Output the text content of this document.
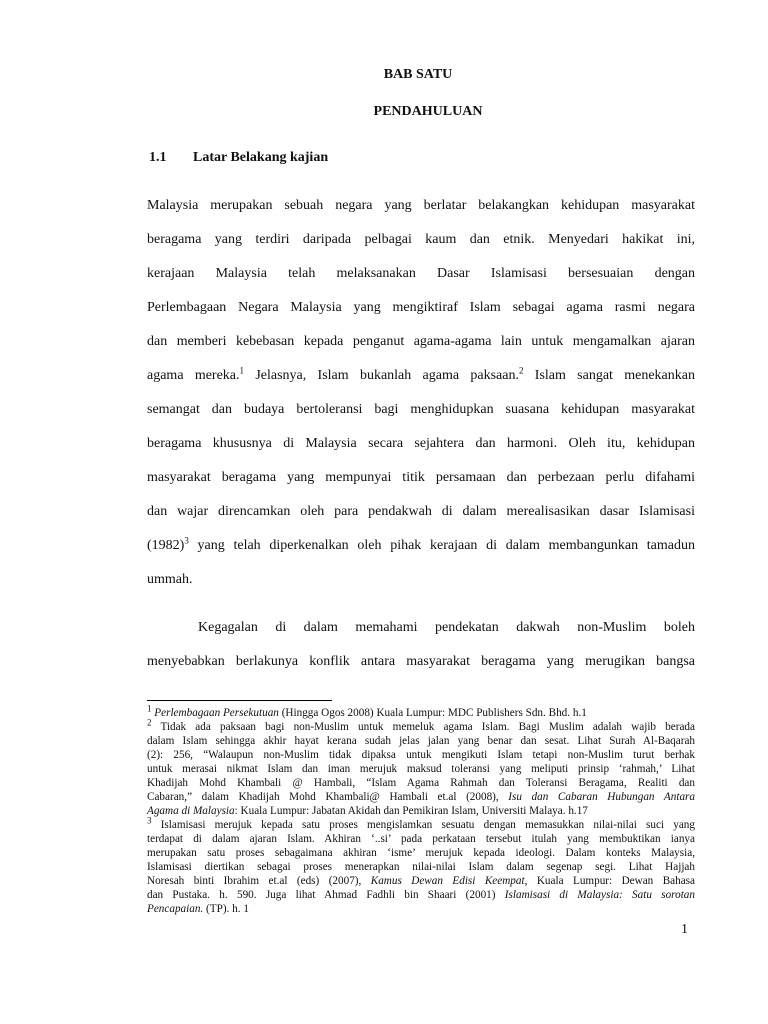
BAB SATU
PENDAHULUAN
1.1 Latar Belakang kajian
Malaysia merupakan sebuah negara yang berlatar belakangkan kehidupan masyarakat
beragama yang terdiri daripada pelbagai kaum dan etnik. Menyedari hakikat ini,
kerajaan Malaysia telah melaksanakan Dasar Islamisasi bersesuaian dengan
Perlembagaan Negara Malaysia yang mengiktiraf Islam sebagai agama rasmi negara
dan memberi kebebasan kepada penganut agama-agama lain untuk mengamalkan ajaran
agama mereka.$^1$ Jelasnya, Islam bukanlah agama paksaan.$^2$ Islam sangat menekankan
semangat dan budaya bertoleransi bagi menghidupkan suasana kehidupan masyarakat
beragama khususnya di Malaysia secara sejahtera dan harmoni. Oleh itu, kehidupan
masyarakat beragama yang mempunyai titik persamaan dan perbezaan perlu difahami
dan wajar direncamkan oleh para pendakwah di dalam merealisasikan dasar Islamisasi
$(1982)^3$ yang telah diperkenalkan oleh pihak kerajaan di dalam membangunkan tamadun
ummah.
Kegagalan di dalam memahami pendekatan dakwah non-Muslim boleh
menyebabkan berlakunya konflik antara masyarakat beragama yang merugikan bangsa
$^1$ Perlembagaan Persekutuan (Hingga Ogos 2008) Kuala Lumpur: MDC Publishers Sdn. Bhd. h.1
$^2$ Tidak ada paksaan bagi non-Muslim untuk memeluk agama Islam. Bagi Muslim adalah wajib berada
dalam Islam sehingga akhir hayat kerana sudah jelas jalan yang benar dan sesat. Lihat Surah Al-Baqarah
(2): 256, “Walaupun non-Muslim tidak dipaksa untuk mengikuti Islam tetapi non-Muslim turut berhak
untuk merasai nikmat Islam dan iman merujuk maksud toleransi yang meliputi prinsip ‘rahmah,’ Lihat
Khadijah Mohd Khambali @ Hambali, “Islam Agama Rahmah dan Toleransi Beragama, Realiti dan
Cabaran,” dalam Khadijah Mohd Khambali@ Hambali et.al (2008), Isu dan Cabaran Hubungan Antara
Agama di Malaysia: Kuala Lumpur: Jabatan Akidah dan Pemikiran Islam, Universiti Malaya. h.17
$^3$ Islamisasi merujuk kepada satu proses mengislamkan sesuatu dengan memasukkan nilai-nilai suci yang
terdapat di dalam ajaran Islam. Akhiran ‘..si’ pada perkataan tersebut itulah yang membuktikan ianya
merupakan satu proses sebagaimana akhiran ‘isme’ merujuk kepada ideologi. Dalam konteks Malaysia,
Islamisasi diertikan sebagai proses menerapkan nilai-nilai Islam dalam segenap segi. Lihat Hajjah
Noresah binti Ibrahim et.al (eds) (2007), Kamus Dewan Edisi Keempat, Kuala Lumpur: Dewan Bahasa
dan Pustaka. h. 590. Juga lihat Ahmad Fadhli bin Shaari (2001) Islamisasi di Malaysia: Satu sorotan
Pencapaian. (TP). h. 1
1
